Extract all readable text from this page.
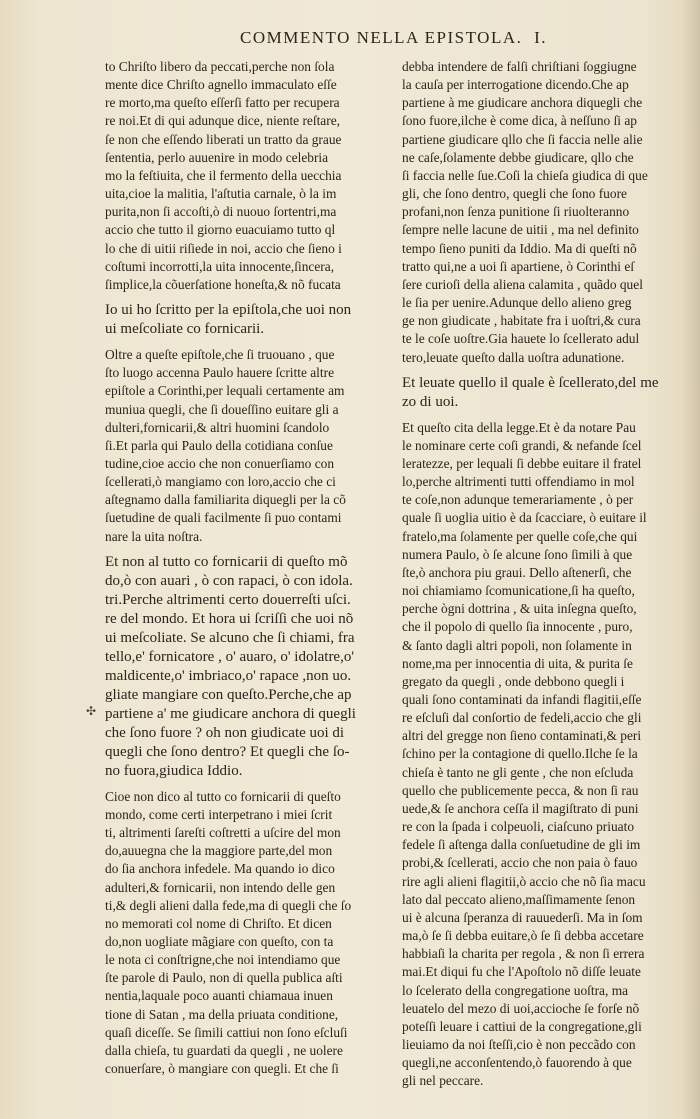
COMMENTO NELLA EPISTOLA. I.
to Chriſto libero da peccati,perche non ſola
mente dice Chriſto agnello immaculato eſſe
re morto,ma queſto eſſerſi fatto per recupera
re noi.Et di qui adunque dice, niente reſtare,
ſe non che eſſendo liberati un tratto da graue
ſententia, perlo auuenire in modo celebria
mo la feſtiuita, che il fermento della uecchia
uita,cioe la malitia, l'aſtutia carnale, ò la im
purita,non ſi accoſti,ò di nuouo ſortentri,ma
accio che tutto il giorno euacuiamo tutto ql
lo che di uitii riſiede in noi, accio che ſieno i
coſtumi incorrotti,la uita innocente,ſincera,
ſimplice,la cõuerſatione honeſta,& nõ fucata
Io ui ho ſcritto per la epiſtola,che uoi non
ui meſcoliate co fornicarii.
Oltre a queſte epiſtole,che ſi truouano , que
ſto luogo accenna Paulo hauere ſcritte altre
epiſtole a Corinthi,per lequali certamente am
muniua quegli, che ſi doueſſino euitare gli a
dulteri,fornicarii,& altri huomini ſcandolo
ſi.Et parla qui Paulo della cotidiana conſue
tudine,cioe accio che non conuerſiamo con
ſcellerati,ò mangiamo con loro,accio che ci
aſtegnamo dalla familiarita diquegli per la cõ
ſuetudine de quali facilmente ſi puo contami
nare la uita noſtra.
Et non al tutto co fornicarii di queſto mõ
do,ò con auari , ò con rapaci, ò con idola.
tri.Perche altrimenti certo douerreſti uſci.
re del mondo. Et hora ui ſcriſſi che uoi nõ
ui meſcoliate. Se alcuno che ſi chiami, fra
tello,e' fornicatore , o' auaro, o' idolatre,o'
maldicente,o' imbriaco,o' rapace ,non uo.
gliate mangiare con queſto.Perche,che ap
partiene a' me giudicare anchora di quegli
che ſono fuore ? oh non giudicate uoi di
quegli che ſono dentro? Et quegli che ſo-
no fuora,giudica Iddio.
Cioe non dico al tutto co fornicarii di queſto
mondo, come certi interpetrano i miei ſcrit
ti, altrimenti ſareſti coſtretti a uſcire del mon
do,auuegna che la maggiore parte,del mon
do ſia anchora infedele. Ma quando io dico
adulteri,& fornicarii, non intendo delle gen
ti,& degli alieni dalla fede,ma di quegli che ſo
no memorati col nome di Chriſto. Et dicen
do,non uogliate mãgiare con queſto, con ta
le nota ci conſtrigne,che noi intendiamo que
ſte parole di Paulo, non di quella publica aſti
nentia,laquale poco auanti chiamaua inuen
tione di Satan , ma della priuata conditione,
quaſi diceſſe. Se ſimili cattiui non ſono eſcluſi
dalla chieſa, tu guardati da quegli , ne uolere
conuerſare, ò mangiare con quegli. Et che ſi
debba intendere de falſi chriſtiani ſoggiugne
la cauſa per interrogatione dicendo.Che ap
partiene à me giudicare anchora diquegli che
ſono fuore,ilche è come dica, à neſſuno ſi ap
partiene giudicare qllo che ſi faccia nelle alie
ne caſe,ſolamente debbe giudicare, qllo che
ſi faccia nelle ſue.Coſi la chieſa giudica di que
gli, che ſono dentro, quegli che ſono fuore
profani,non ſenza punitione ſi riuolteranno
ſempre nelle lacune de uitii , ma nel definito
tempo ſieno puniti da Iddio. Ma di queſti nõ
tratto qui,ne a uoi ſi apartiene, ò Corinthi eſ
ſere curioſi della aliena calamita , quãdo quel
le ſia per uenire.Adunque dello alieno greg
ge non giudicate , habitate fra i uoſtri,& cura
te le coſe uoſtre.Gia hauete lo ſcellerato adul
tero,leuate queſto dalla uoſtra adunatione.
Et leuate quello il quale è ſcellerato,del me
zo di uoi.
Et queſto cita della legge.Et è da notare Pau
le nominare certe coſi grandi, & nefande ſcel
leratezze, per lequali ſi debbe euitare il fratel
lo,perche altrimenti tutti offendiamo in mol
te coſe,non adunque temerariamente , ò per
quale ſi uoglia uitio è da ſcacciare, ò euitare il
fratelo,ma ſolamente per quelle coſe,che qui
numera Paulo, ò ſe alcune ſono ſimili à que
ſte,ò anchora piu graui. Dello aſtenerſi, che
noi chiamiamo ſcomunicatione,ſi ha queſto,
perche ògni dottrina , & uita inſegna queſto,
che il popolo di quello ſia innocente , puro,
& ſanto dagli altri popoli, non ſolamente in
nome,ma per innocentia di uita, & purita ſe
gregato da quegli , onde debbono quegli i
quali ſono contaminati da infandi flagitii,eſſe
re eſcluſi dal conſortio de fedeli,accio che gli
altri del gregge non ſieno contaminati,& peri
ſchino per la contagione di quello.Ilche ſe la
chieſa è tanto ne gli gente , che non eſcluda
quello che publicemente pecca, & non ſi rau
uede,& ſe anchora ceſſa il magiſtrato di puni
re con la ſpada i colpeuoli, ciaſcuno priuato
fedele ſi aſtenga dalla conſuetudine de gli im
probi,& ſcellerati, accio che non paia ò fauo
rire agli alieni flagitii,ò accio che nõ ſia macu
lato dal peccato alieno,maſſimamente ſenon
ui è alcuna ſperanza di rauuederſi. Ma in ſom
ma,ò ſe ſi debba euitare,ò ſe ſi debba accetare
habbiaſi la charita per regola , & non ſi errera
mai.Et diqui fu che l'Apoſtolo nõ diſſe leuate
lo ſcelerato della congregatione uoſtra, ma
leuatelo del mezo di uoi,accioche ſe forſe nõ
poteſſi leuare i cattiui de la congregatione,gli
lieuiamo da noi ſteſſi,cio è non peccãdo con
quegli,ne acconſentendo,ò fauorendo à que
gli nel peccare.
✣
